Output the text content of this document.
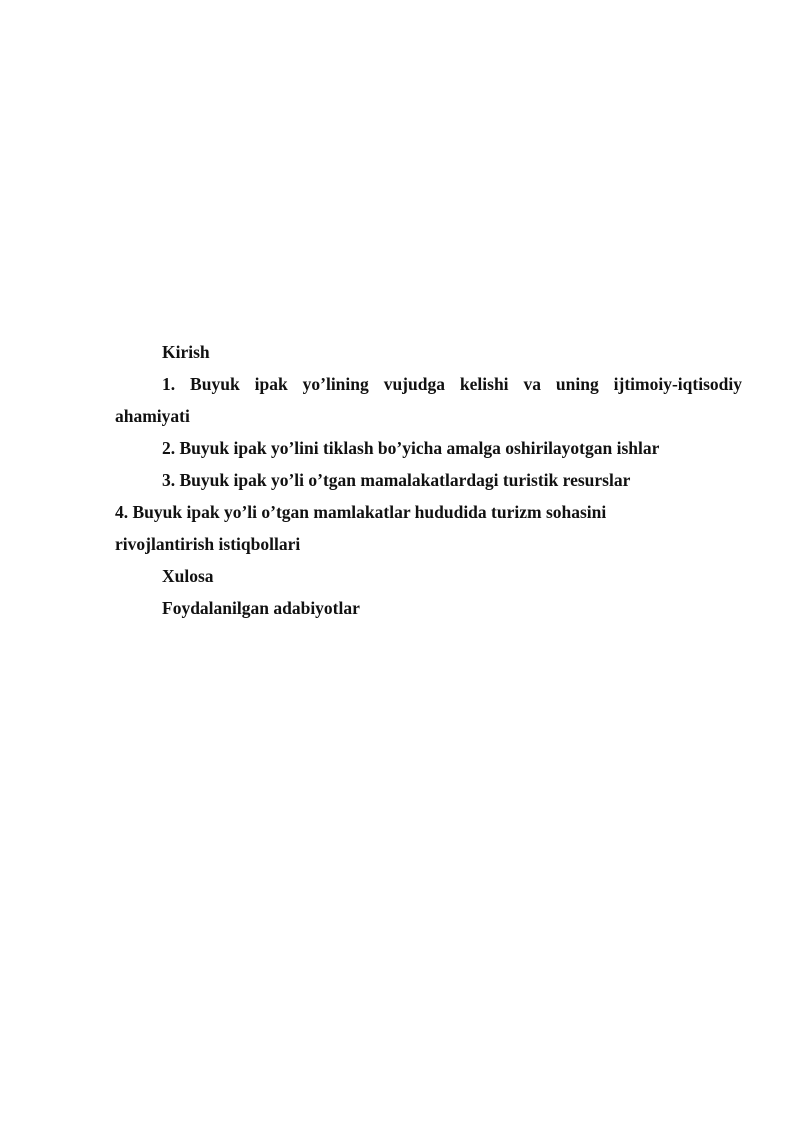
Kirish

1. Buyuk ipak yo’lining vujudga kelishi va uning ijtimoiy-iqtisodiy
ahamiyati

2. Buyuk ipak yo’lini tiklash bo’yicha amalga oshirilayotgan ishlar

3. Buyuk ipak yo’li o’tgan mamalakatlardagi turistik resurslar

4. Buyuk ipak yo’li o’tgan mamlakatlar hududida turizm sohasini

rivojlantirish istiqbollari

Xulosa

Foydalanilgan adabiyotlar
